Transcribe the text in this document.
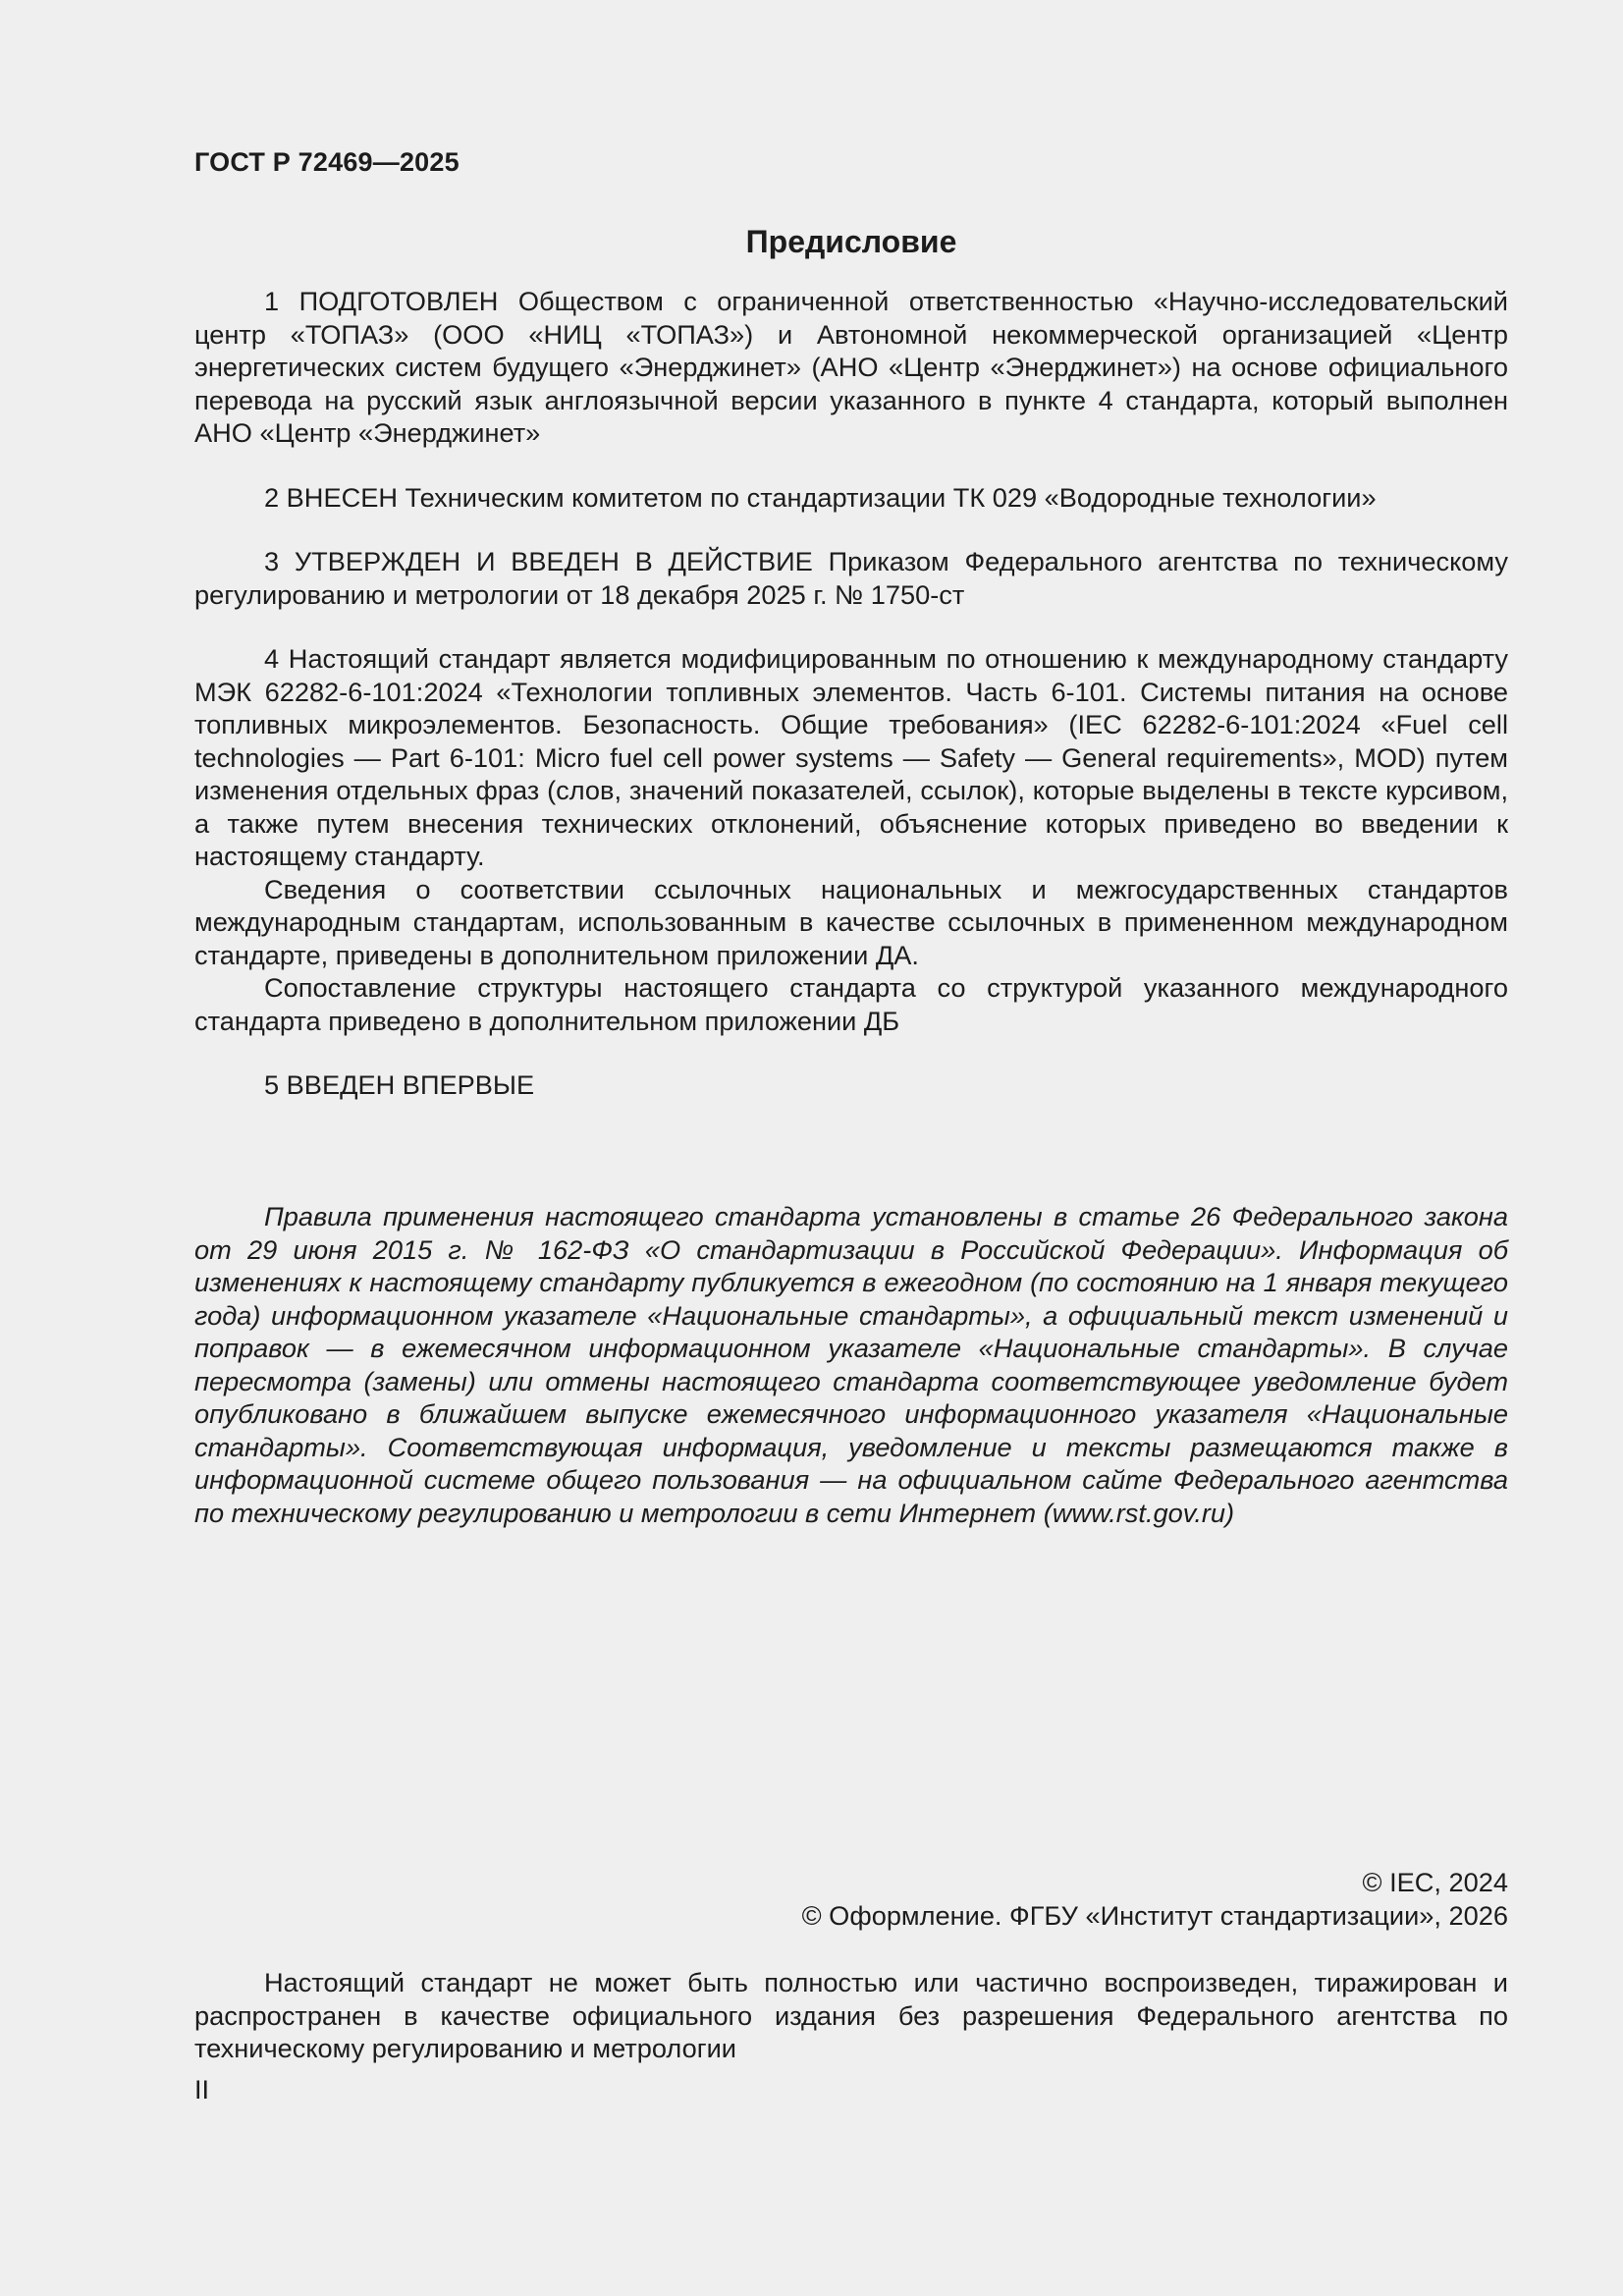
ГОСТ Р 72469—2025
Предисловие

1 ПОДГОТОВЛЕН Обществом с ограниченной ответственностью «Научно-исследовательский центр «ТОПАЗ» (ООО «НИЦ «ТОПАЗ») и Автономной некоммерческой организацией «Центр энергетических систем будущего «Энерджинет» (АНО «Центр «Энерджинет») на основе официального перевода на русский язык англоязычной версии указанного в пункте 4 стандарта, который выполнен АНО «Центр «Энерджинет»

2 ВНЕСЕН Техническим комитетом по стандартизации ТК 029 «Водородные технологии»

3 УТВЕРЖДЕН И ВВЕДЕН В ДЕЙСТВИЕ Приказом Федерального агентства по техническому регулированию и метрологии от 18 декабря 2025 г. № 1750-ст

4 Настоящий стандарт является модифицированным по отношению к международному стандарту МЭК 62282-6-101:2024 «Технологии топливных элементов. Часть 6-101. Системы питания на основе топливных микроэлементов. Безопасность. Общие требования» (IEC 62282-6-101:2024 «Fuel cell technologies — Part 6-101: Micro fuel cell power systems — Safety — General requirements», MOD) путем изменения отдельных фраз (слов, значений показателей, ссылок), которые выделены в тексте курсивом, а также путем внесения технических отклонений, объяснение которых приведено во введении к настоящему стандарту.

Сведения о соответствии ссылочных национальных и межгосударственных стандартов международным стандартам, использованным в качестве ссылочных в примененном международном стандарте, приведены в дополнительном приложении ДА.

Сопоставление структуры настоящего стандарта со структурой указанного международного стандарта приведено в дополнительном приложении ДБ

5 ВВЕДЕН ВПЕРВЫЕ

Правила применения настоящего стандарта установлены в статье 26 Федерального закона от 29 июня 2015 г. № 162-ФЗ «О стандартизации в Российской Федерации». Информация об изменениях к настоящему стандарту публикуется в ежегодном (по состоянию на 1 января текущего года) информационном указателе «Национальные стандарты», а официальный текст изменений и поправок — в ежемесячном информационном указателе «Национальные стандарты». В случае пересмотра (замены) или отмены настоящего стандарта соответствующее уведомление будет опубликовано в ближайшем выпуске ежемесячного информационного указателя «Национальные стандарты». Соответствующая информация, уведомление и тексты размещаются также в информационной системе общего пользования — на официальном сайте Федерального агентства по техническому регулированию и метрологии в сети Интернет (www.rst.gov.ru)

© IEC, 2024
© Оформление. ФГБУ «Институт стандартизации», 2026

Настоящий стандарт не может быть полностью или частично воспроизведен, тиражирован и распространен в качестве официального издания без разрешения Федерального агентства по техническому регулированию и метрологии

II
